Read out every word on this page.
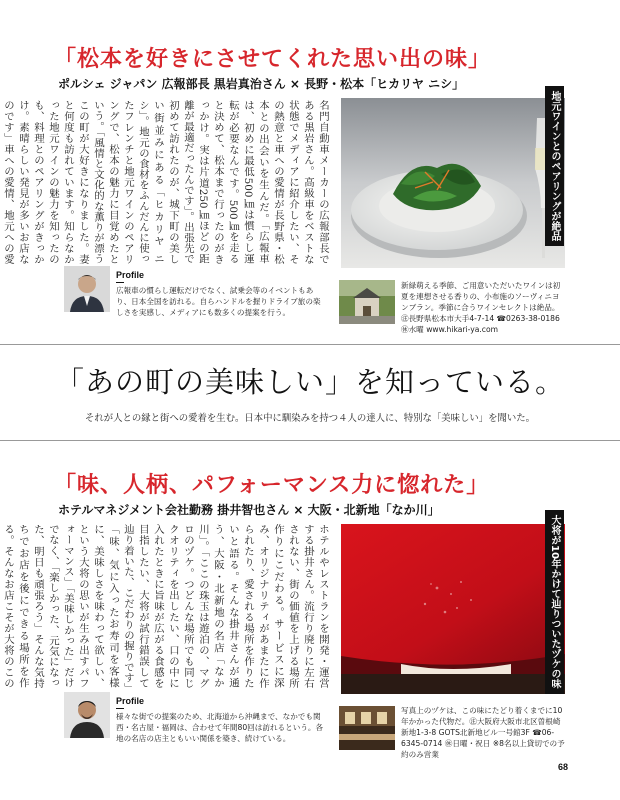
「松本を好きにさせてくれた思い出の味」
ポルシェ ジャパン 広報部長 黒岩真治さん × 長野・松本「ヒカリヤ ニシ」
名門自動車メーカーの広報部長である黒岩さん。高級車をベストな状態でメディアに紹介したい、その熱意と車への愛情が長野県・松本との出会いを生んだ。「広報車は、初めに最低500㎞は慣らし運転が必要なんです。500㎞を走ると決めて、松本まで行ったのがきっかけ。実は片道250㎞ほどの距離が最適だったんです」。出張先で初めて訪れたのが、城下町の美しい街並みにある「ヒカリヤ ニシ」。地元の食材をふんだんに使ったフレンチと地元ワインのペアリングで、松本の魅力に目覚めたという。「風情と文化的な薫りが漂うこの町が大好きになりました。妻と何度も訪れています。知らなかった地元ワインの魅力を知ったのも、料理とのペアリングがきっかけ。素晴らしい発見が多いお店なのです」車への愛情、地元への愛
地元ワインとのペアリングが絶品
新緑萌える季節、ご用意いただいたワインは初夏を連想させる香りの、小布施のソーヴィニヨンブラン。季節に合うワインセレクトは絶品。㊟長野県松本市大手4-7-14 ☎0263-38-0186 ㊡水曜 www.hikari-ya.com
Profile
広報車の慣らし運転だけでなく、試乗会等のイベントもあり、日本全国を訪れる。自らハンドルを握りドライブ旅の楽しさを実感し、メディアにも数多くの提案を行う。
「あの町の美味しい」を知っている。
それが人との縁と街への愛着を生む。日本中に馴染みを持つ４人の達人に、特別な「美味しい」を聞いた。
「味、人柄、パフォーマンス力に惚れた」
ホテルマネジメント会社勤務 掛井智也さん × 大阪・北新地「なか川」
ホテルやレストランを開発・運営する掛井さん。流行り廃りに左右されない、街の価値を上げる場所作りにこだわる。サービスに深み、オリジナリティがあまたに作られたり、愛される場所を作りたいと語る。そんな掛井さんが通う、大阪・北新地の名店「なか川」。「ここの珠玉は遊泊の、マグロのヅケ。つどんな場所でも同じクオリティを出したい、口の中に入れたときに旨味が広がる食感を目指したい、大将が試行錯誤して辿り着いた、こだわりの握りです」「味、気に入ったお寿司を客様に、美味しさを味わって欲しい、という大将の思いが生み出すパフォーマンス」「美味しかった」だけでなく、「楽しかった、元気になった、明日も頑張ろう」そんな気持ちでお店を後にできる場所を作る。そんなお店こそが大将のこの	大将が10年かけて辿りついたヅケの味
写真上のヅケは、この味にたどり着くまでに10年かかった代物だ。㊟大阪府大阪市北区曽根崎新地1-3-8 GOTS北新地ビル一号館3F ☎06-6345-0714 ㊡日曜・祝日 ※8名以上貸切での予約のみ営業
Profile
様々な街での提案のため、北海道から沖縄まで、なかでも関西・名古屋・福岡は、合わせて年間80回は訪れるという。各地の名店の店主ともいい関係を築き、続けている。
68
